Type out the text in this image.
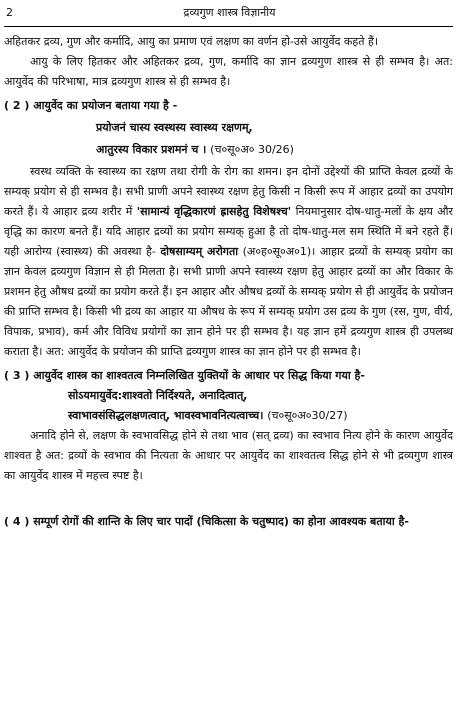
2	द्रव्यगुण शास्त्र विज्ञानीय

अहितकर द्रव्य, गुण और कर्मादि, आयु का प्रमाण एवं लक्षण का वर्णन हो-उसे आयुर्वेद कहते हैं।

आयु के लिए हितकर और अहितकर द्रव्य, गुण, कर्मादि का ज्ञान द्रव्यगुण शास्त्र से ही सम्भव है। अत: आयुर्वेद की परिभाषा, मात्र द्रव्यगुण शास्त्र से ही सम्भव है।

( 2 ) आयुर्वेद का प्रयोजन बताया गया है -

प्रयोजनं चास्य स्वस्थस्य स्वास्थ्य रक्षणम्,

आतुरस्य विकार प्रशमनं च । (च०सू०अ० 30/26)

स्वस्थ व्यक्ति के स्वास्थ्य का रक्षण तथा रोगी के रोग का शमन। इन दोनों उद्देश्यों की प्राप्ति केवल द्रव्यों के सम्यक् प्रयोग से ही सम्भव है। सभी प्राणी अपने स्वास्थ्य रक्षण हेतु किसी न किसी रूप में आहार द्रव्यों का उपयोग करते हैं। ये आहार द्रव्य शरीर में 'सामान्यं वृद्धिकारणं ह्रासहेतु विशेषश्च' नियमानुसार दोष-धातु-मलों के क्षय और वृद्धि का कारण बनते हैं। यदि आहार द्रव्यों का प्रयोग सम्यक् हुआ है तो दोष-धातु-मल सम स्थिति में बने रहते हैं। यही आरोग्य (स्वास्थ्य) की अवस्था है- दोषसाम्यम् अरोगता (अ०ह०सू०अ०1)। आहार द्रव्यों के सम्यक् प्रयोग का ज्ञान केवल द्रव्यगुण विज्ञान से ही मिलता है। सभी प्राणी अपने स्वास्थ्य रक्षण हेतु आहार द्रव्यों का और विकार के प्रशमन हेतु औषध द्रव्यों का प्रयोग करते हैं। इन आहार और औषध द्रव्यों के सम्यक् प्रयोग से ही आयुर्वेद के प्रयोजन की प्राप्ति सम्भव है। किसी भी द्रव्य का आहार या औषध के रूप में सम्यक् प्रयोग उस द्रव्य के गुण (रस, गुण, वीर्य, विपाक, प्रभाव), कर्म और विविध प्रयोगों का ज्ञान होने पर ही सम्भव है। यह ज्ञान हमें द्रव्यगुण शास्त्र ही उपलब्ध कराता है। अत: आयुर्वेद के प्रयोजन की प्राप्ति द्रव्यगुण शास्त्र का ज्ञान होने पर ही सम्भव है।

( 3 ) आयुर्वेद शास्त्र का शाश्वतत्व निम्नलिखित युक्तियों के आधार पर सिद्ध किया गया है-

सोऽयमायुर्वेद:शाश्वतो निर्दिश्यते, अनादित्वात्,

स्वाभावसंसिद्धलक्षणत्वात्, भावस्वभावनित्यत्वाच्च। (च०सू०अ०30/27)

अनादि होने से, लक्षण के स्वभावसिद्ध होने से तथा भाव (सत् द्रव्य) का स्वभाव नित्य होने के कारण आयुर्वेद शाश्वत है अत: द्रव्यों के स्वभाव की नित्यता के आधार पर आयुर्वेद का शाश्वतत्व सिद्ध होने से भी द्रव्यगुण शास्त्र का आयुर्वेद शास्त्र में महत्त्व स्पष्ट है।

( 4 ) सम्पूर्ण रोगों की शान्ति के लिए चार पादों (चिकित्सा के चतुष्पाद) का होना आवश्यक बताया है-
